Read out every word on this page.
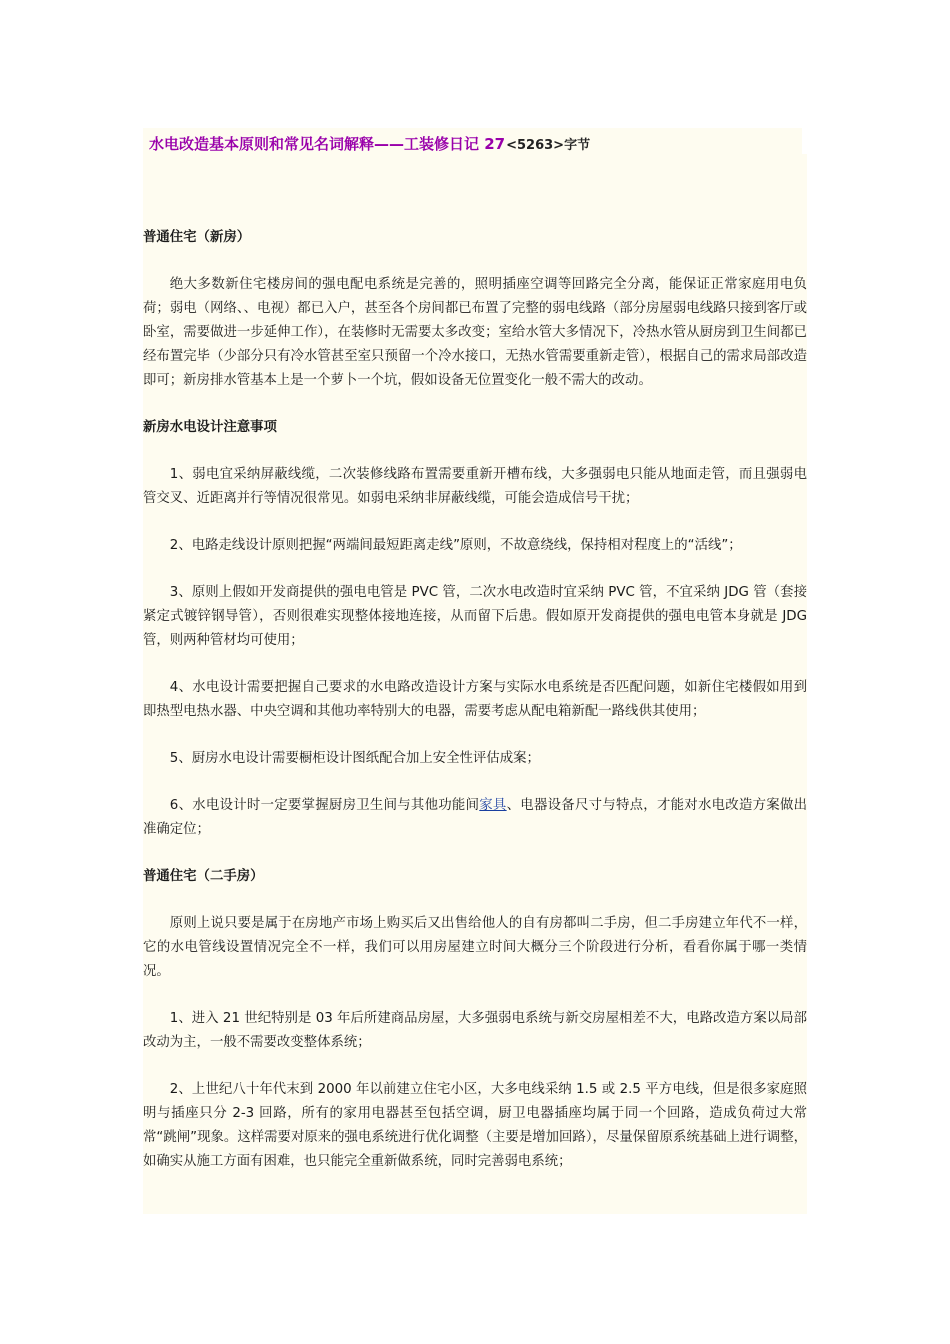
水电改造基本原则和常见名词解释——工装修日记 27<5263>字节

普通住宅（新房）

绝大多数新住宅楼房间的强电配电系统是完善的，照明插座空调等回路完全分离，能保证正常家庭用电负荷；弱电（网络、、电视）都已入户，甚至各个房间都已布置了完整的弱电线路（部分房屋弱电线路只接到客厅或卧室，需要做进一步延伸工作），在装修时无需要太多改变；室给水管大多情况下，冷热水管从厨房到卫生间都已经布置完毕（少部分只有冷水管甚至室只预留一个冷水接口，无热水管需要重新走管），根据自己的需求局部改造即可；新房排水管基本上是一个萝卜一个坑，假如设备无位置变化一般不需大的改动。

新房水电设计注意事项

1、弱电宜采纳屏蔽线缆，二次装修线路布置需要重新开槽布线，大多强弱电只能从地面走管，而且强弱电管交叉、近距离并行等情况很常见。如弱电采纳非屏蔽线缆，可能会造成信号干扰；

2、电路走线设计原则把握“两端间最短距离走线”原则，不故意绕线，保持相对程度上的“活线”；

3、原则上假如开发商提供的强电电管是 PVC 管，二次水电改造时宜采纳 PVC 管，不宜采纳 JDG 管（套接紧定式镀锌钢导管），否则很难实现整体接地连接，从而留下后患。假如原开发商提供的强电电管本身就是 JDG 管，则两种管材均可使用；

4、水电设计需要把握自己要求的水电路改造设计方案与实际水电系统是否匹配问题，如新住宅楼假如用到即热型电热水器、中央空调和其他功率特别大的电器，需要考虑从配电箱新配一路线供其使用；

5、厨房水电设计需要橱柜设计图纸配合加上安全性评估成案；

6、水电设计时一定要掌握厨房卫生间与其他功能间家具、电器设备尺寸与特点，才能对水电改造方案做出准确定位；

普通住宅（二手房）

原则上说只要是属于在房地产市场上购买后又出售给他人的自有房都叫二手房，但二手房建立年代不一样，它的水电管线设置情况完全不一样，我们可以用房屋建立时间大概分三个阶段进行分析，看看你属于哪一类情况。

1、进入 21 世纪特别是 03 年后所建商品房屋，大多强弱电系统与新交房屋相差不大，电路改造方案以局部改动为主，一般不需要改变整体系统；

2、上世纪八十年代末到 2000 年以前建立住宅小区，大多电线采纳 1.5 或 2.5 平方电线，但是很多家庭照明与插座只分 2-3 回路，所有的家用电器甚至包括空调，厨卫电器插座均属于同一个回路，造成负荷过大常常“跳闸”现象。这样需要对原来的强电系统进行优化调整（主要是增加回路），尽量保留原系统基础上进行调整，如确实从施工方面有困难，也只能完全重新做系统，同时完善弱电系统；
